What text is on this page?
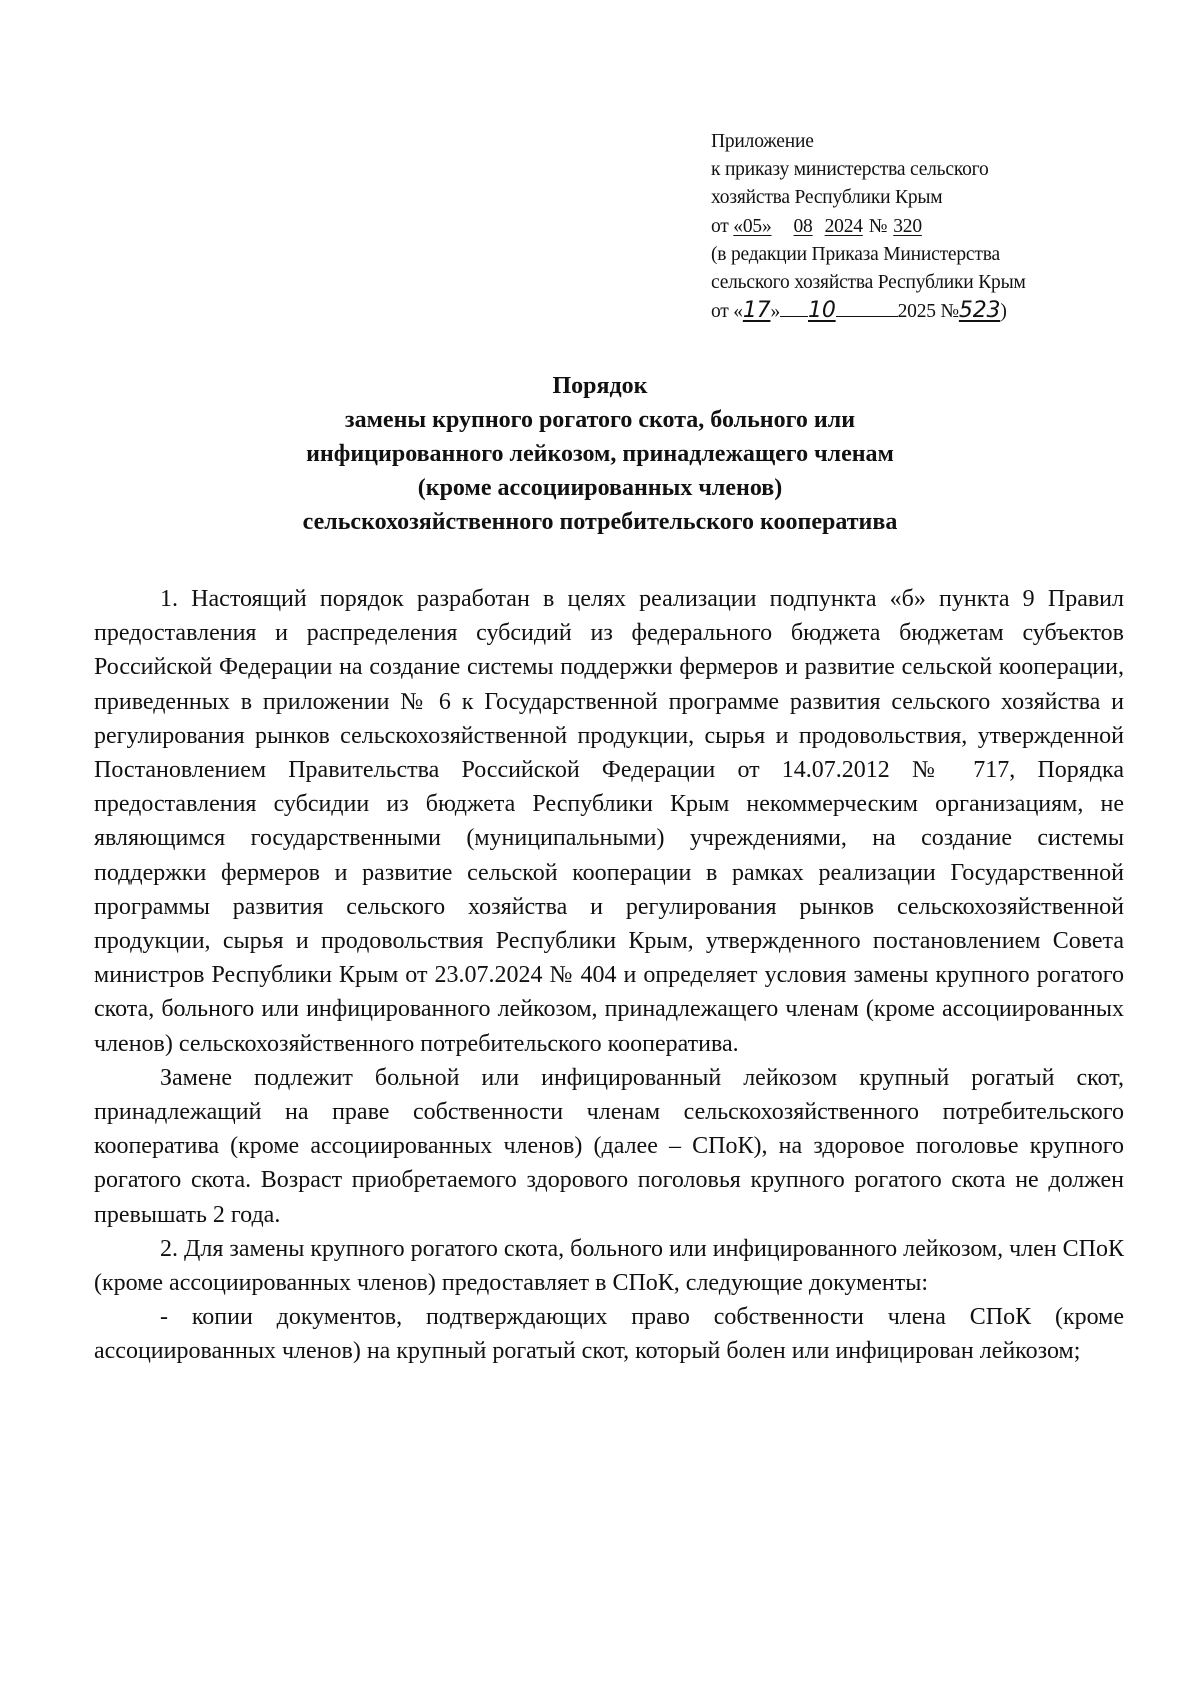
Приложение
к приказу министерства сельского
хозяйства Республики Крым
от «05» 08 2024 № 320
(в редакции Приказа Министерства
сельского хозяйства Республики Крым
от «17» 10	2025 №523)
Порядок
замены крупного рогатого скота, больного или
инфицированного лейкозом, принадлежащего членам
(кроме ассоциированных членов)
сельскохозяйственного потребительского кооператива

1. Настоящий порядок разработан в целях реализации подпункта «б» пункта 9 Правил предоставления и распределения субсидий из федерального бюджета бюджетам субъектов Российской Федерации на создание системы поддержки фермеров и развитие сельской кооперации, приведенных в приложении № 6 к Государственной программе развития сельского хозяйства и регулирования рынков сельскохозяйственной продукции, сырья и продовольствия, утвержденной Постановлением Правительства Российской Федерации от 14.07.2012 № 717, Порядка предоставления субсидии из бюджета Республики Крым некоммерческим организациям, не являющимся государственными (муниципальными) учреждениями, на создание системы поддержки фермеров и развитие сельской кооперации в рамках реализации Государственной программы развития сельского хозяйства и регулирования рынков сельскохозяйственной продукции, сырья и продовольствия Республики Крым, утвержденного постановлением Совета министров Республики Крым от 23.07.2024 № 404 и определяет условия замены крупного рогатого скота, больного или инфицированного лейкозом, принадлежащего членам (кроме ассоциированных членов) сельскохозяйственного потребительского кооператива.

Замене подлежит больной или инфицированный лейкозом крупный рогатый скот, принадлежащий на праве собственности членам сельскохозяйственного потребительского кооператива (кроме ассоциированных членов) (далее – СПоК), на здоровое поголовье крупного рогатого скота. Возраст приобретаемого здорового поголовья крупного рогатого скота не должен превышать 2 года.

2. Для замены крупного рогатого скота, больного или инфицированного лейкозом, член СПоК (кроме ассоциированных членов) предоставляет в СПоК, следующие документы:

- копии документов, подтверждающих право собственности члена СПоК (кроме ассоциированных членов) на крупный рогатый скот, который болен или инфицирован лейкозом;
